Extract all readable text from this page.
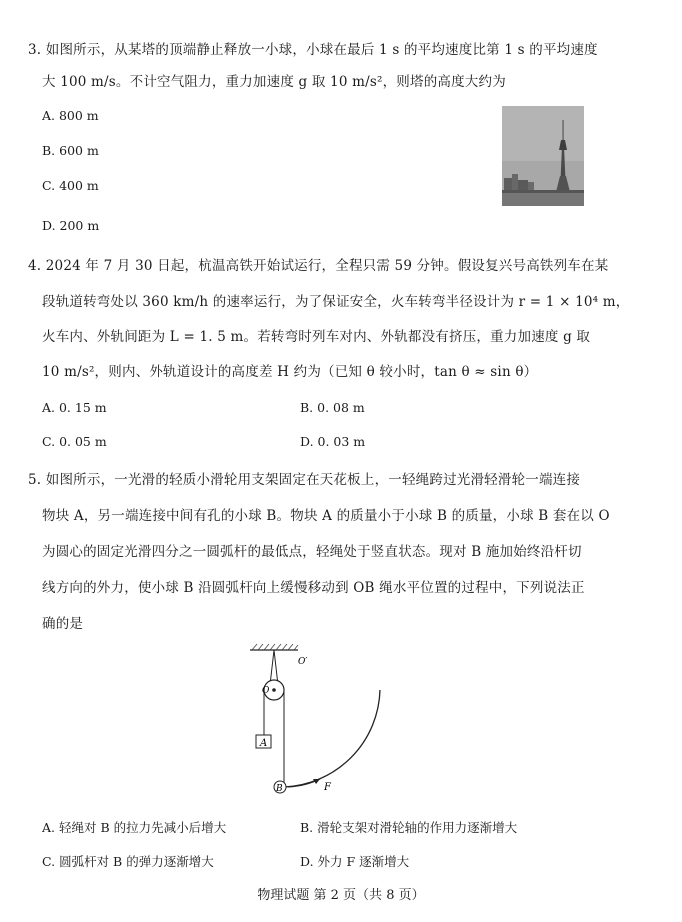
3. 如图所示，从某塔的顶端静止释放一小球，小球在最后 1 s 的平均速度比第 1 s 的平均速度
大 100 m/s。不计空气阻力，重力加速度 g 取 10 m/s²，则塔的高度大约为
A. 800 m
B. 600 m
C. 400 m
D. 200 m
4. 2024 年 7 月 30 日起，杭温高铁开始试运行，全程只需 59 分钟。假设复兴号高铁列车在某
段轨道转弯处以 360 km/h 的速率运行，为了保证安全，火车转弯半径设计为 r = 1 × 10⁴ m，
火车内、外轨间距为 L = 1. 5 m。若转弯时列车对内、外轨都没有挤压，重力加速度 g 取
10 m/s²，则内、外轨道设计的高度差 H 约为（已知 θ 较小时，tan θ ≈ sin θ）
A. 0. 15 m	B. 0. 08 m
C. 0. 05 m	D. 0. 03 m
5. 如图所示，一光滑的轻质小滑轮用支架固定在天花板上，一轻绳跨过光滑轻滑轮一端连接
物块 A，另一端连接中间有孔的小球 B。物块 A 的质量小于小球 B 的质量，小球 B 套在以 O
为圆心的固定光滑四分之一圆弧杆的最低点，轻绳处于竖直状态。现对 B 施加始终沿杆切
线方向的外力，使小球 B 沿圆弧杆向上缓慢移动到 OB 绳水平位置的过程中，下列说法正
确的是
A
B	F
O′
O
A. 轻绳对 B 的拉力先减小后增大	B. 滑轮支架对滑轮轴的作用力逐渐增大
C. 圆弧杆对 B 的弹力逐渐增大	D. 外力 F 逐渐增大
物理试题 第 2 页（共 8 页）
